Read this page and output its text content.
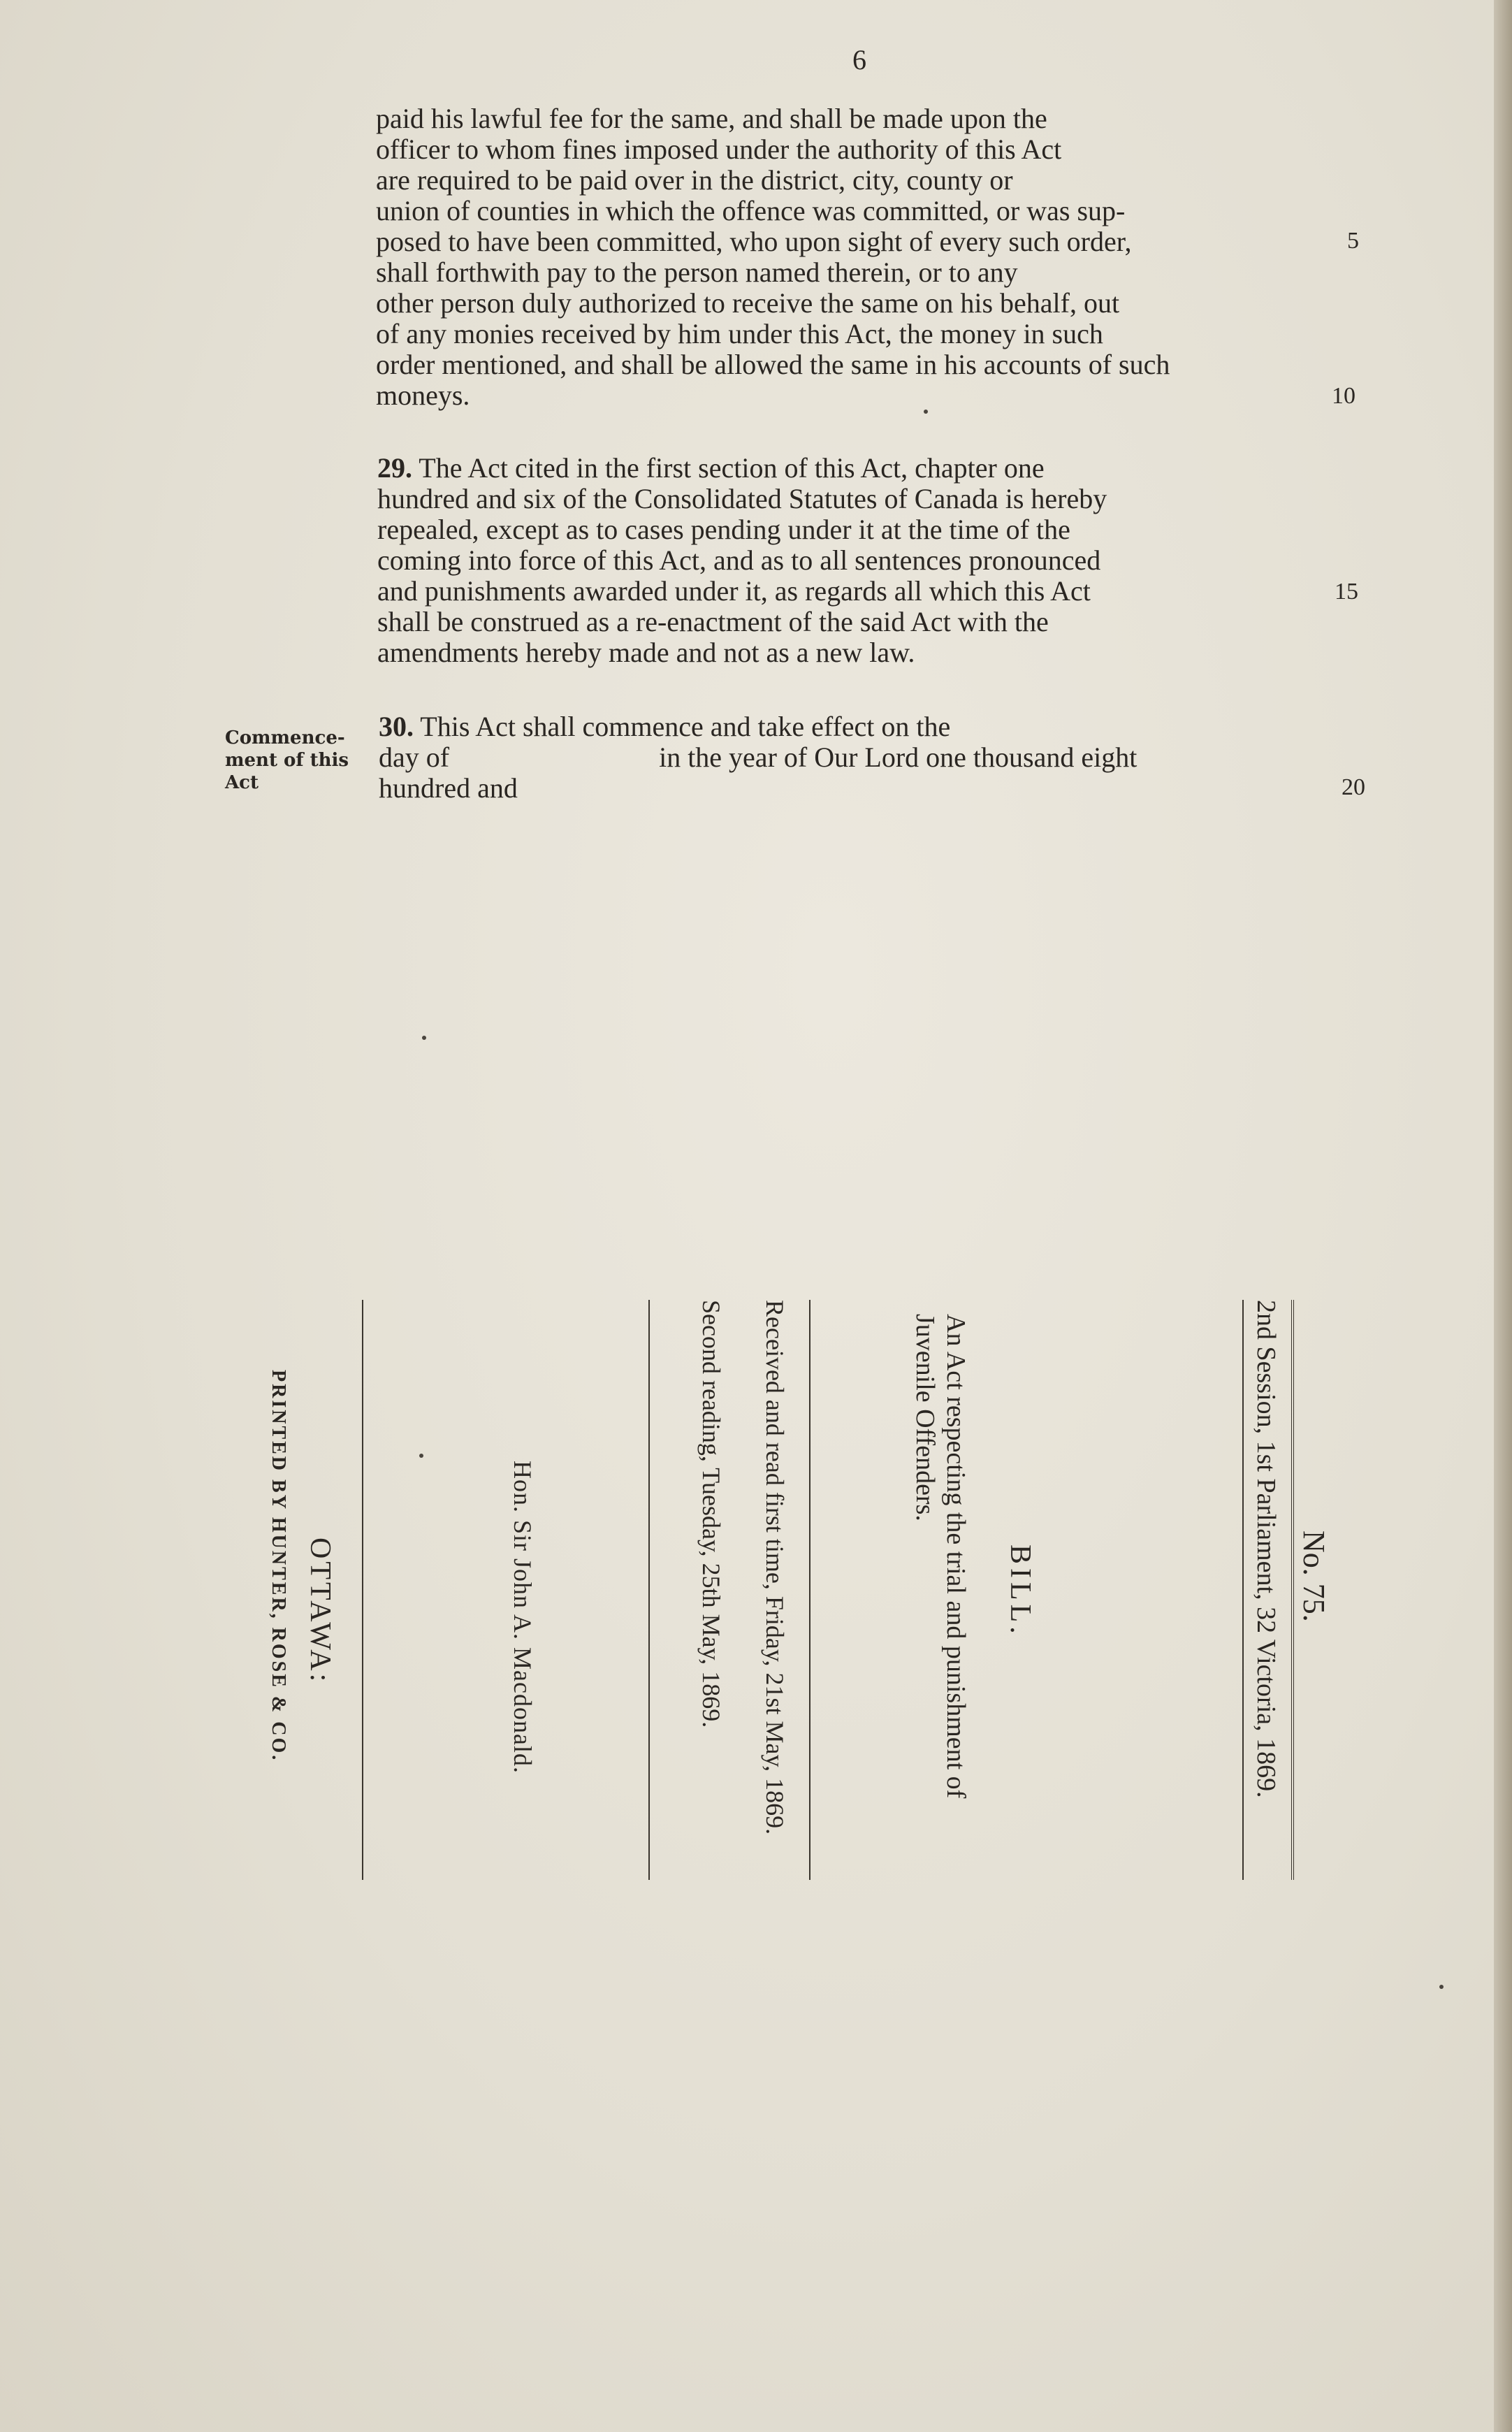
6
paid his lawful fee for the same, and shall be made upon the
officer to whom fines imposed under the authority of this Act
are required to be paid over in the district, city, county or
union of counties in which the offence was committed, or was sup-
posed to have been committed, who upon sight of every such order,
shall forthwith pay to the person named therein, or to any
other person duly authorized to receive the same on his behalf, out
of any monies received by him under this Act, the money in such
order mentioned, and shall be allowed the same in his accounts of such
moneys.
29. The Act cited in the first section of this Act, chapter one
hundred and six of the Consolidated Statutes of Canada is hereby
repealed, except as to cases pending under it at the time of the
coming into force of this Act, and as to all sentences pronounced
and punishments awarded under it, as regards all which this Act
shall be construed as a re-enactment of the said Act with the
amendments hereby made and not as a new law.
30. This Act shall commence and take effect on the
day of                              in the year of Our Lord one thousand eight
hundred and
Commence-
ment of this
Act
5
10
15
20
No. 75.
2nd Session, 1st Parliament, 32 Victoria, 1869.
BILL.
An Act respecting the trial and punishment of Juvenile Offenders.
Received and read first time, Friday, 21st May, 1869.
Second reading, Tuesday, 25th May, 1869.
Hon. Sir John A. Macdonald.
OTTAWA:
PRINTED BY HUNTER, ROSE & CO.
